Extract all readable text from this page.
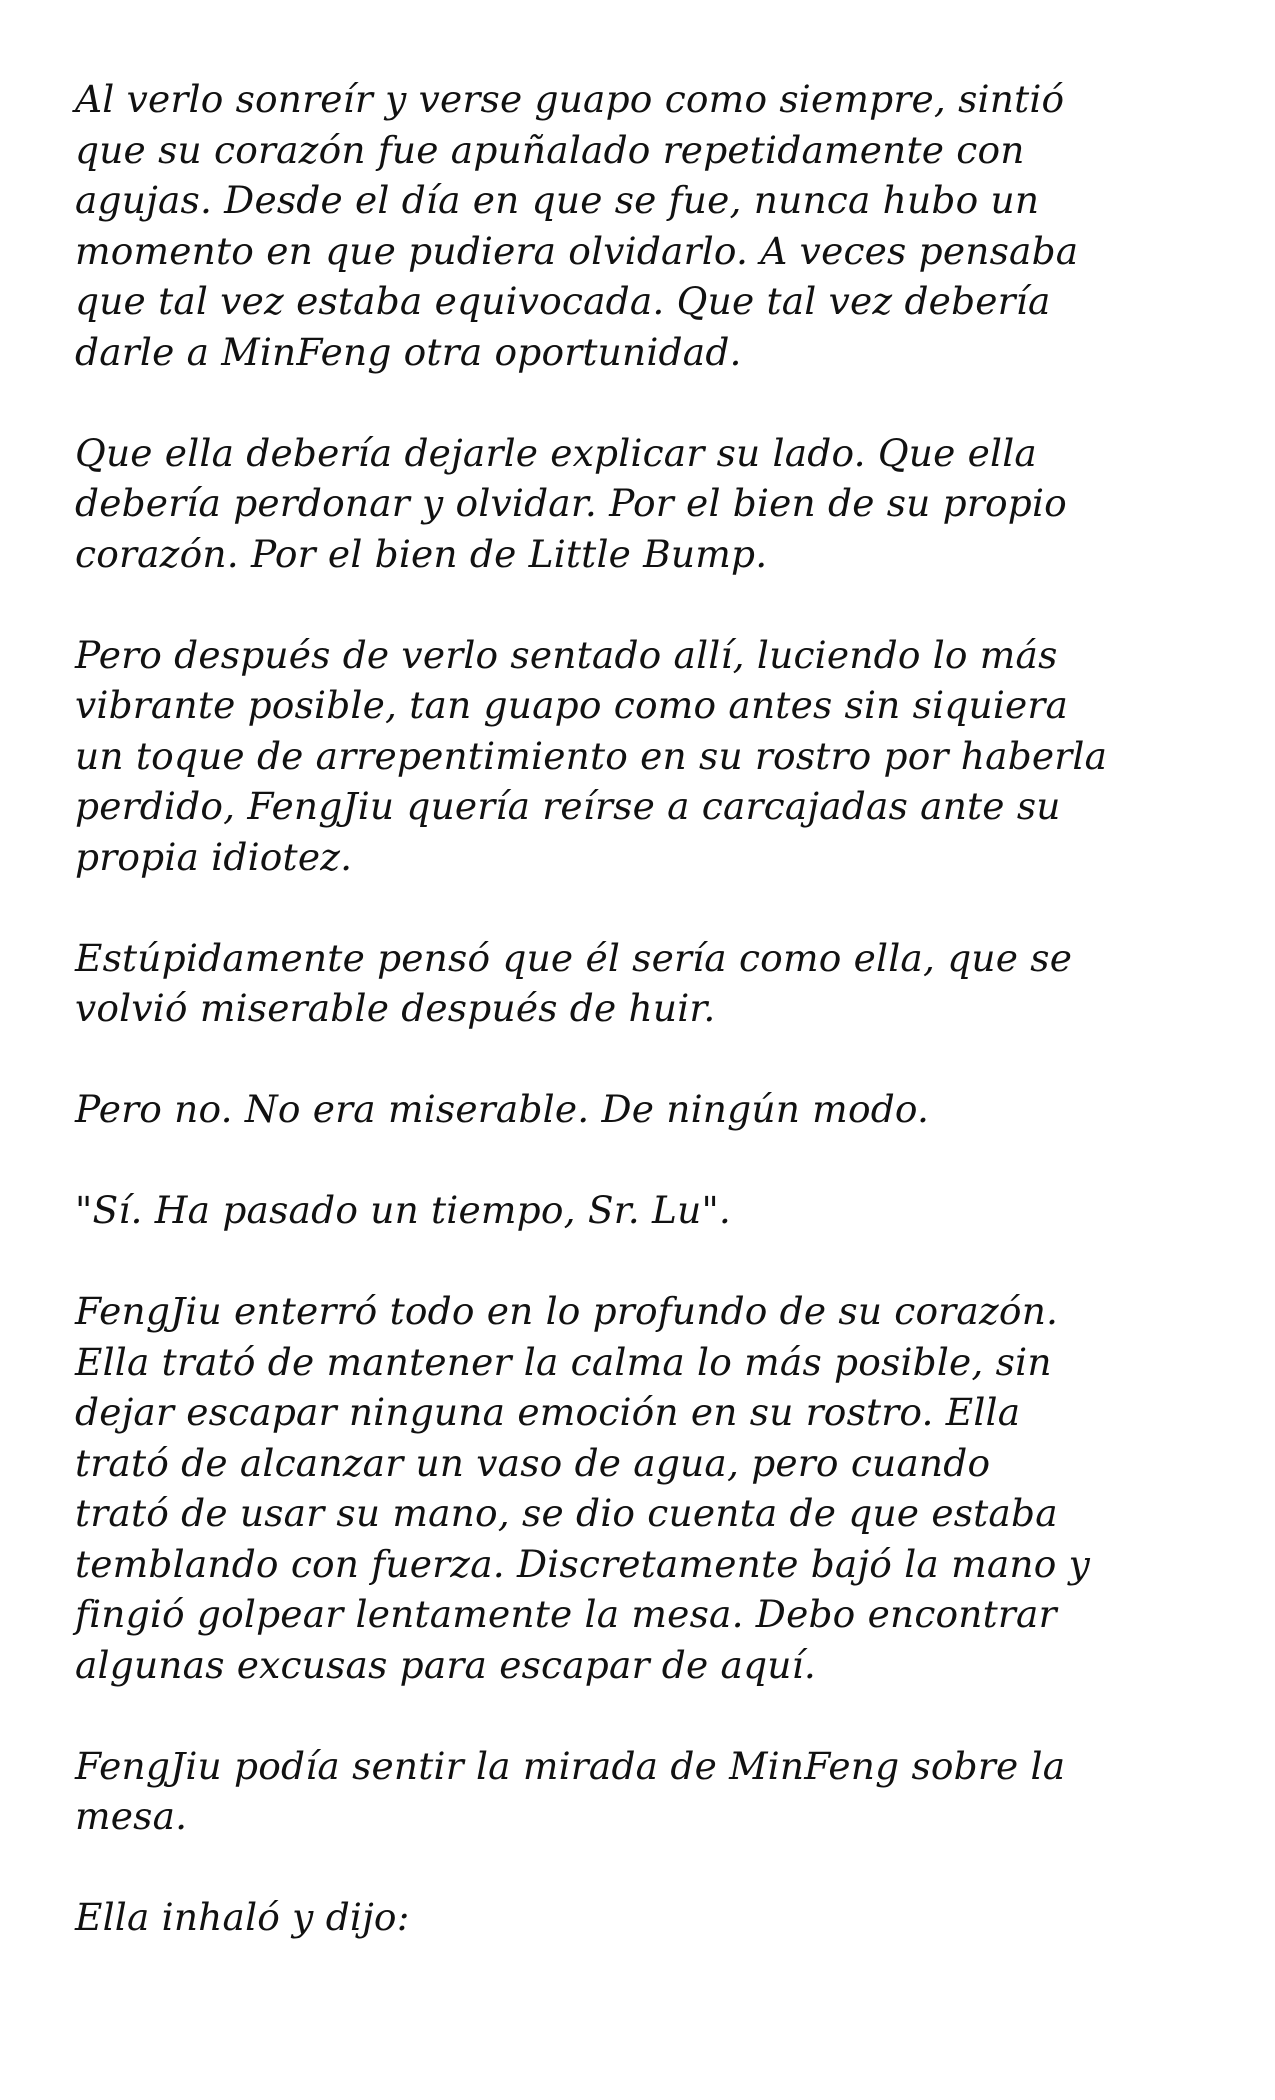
Al verlo sonreír y verse guapo como siempre, sintió
que su corazón fue apuñalado repetidamente con
agujas. Desde el día en que se fue, nunca hubo un
momento en que pudiera olvidarlo. A veces pensaba
que tal vez estaba equivocada. Que tal vez debería
darle a MinFeng otra oportunidad.

Que ella debería dejarle explicar su lado. Que ella
debería perdonar y olvidar. Por el bien de su propio
corazón. Por el bien de Little Bump.

Pero después de verlo sentado allí, luciendo lo más
vibrante posible, tan guapo como antes sin siquiera
un toque de arrepentimiento en su rostro por haberla
perdido, FengJiu quería reírse a carcajadas ante su
propia idiotez.

Estúpidamente pensó que él sería como ella, que se
volvió miserable después de huir.

Pero no. No era miserable. De ningún modo.

"Sí. Ha pasado un tiempo, Sr. Lu".

FengJiu enterró todo en lo profundo de su corazón.
Ella trató de mantener la calma lo más posible, sin
dejar escapar ninguna emoción en su rostro. Ella
trató de alcanzar un vaso de agua, pero cuando
trató de usar su mano, se dio cuenta de que estaba
temblando con fuerza. Discretamente bajó la mano y
fingió golpear lentamente la mesa. Debo encontrar
algunas excusas para escapar de aquí.

FengJiu podía sentir la mirada de MinFeng sobre la
mesa.

Ella inhaló y dijo:
